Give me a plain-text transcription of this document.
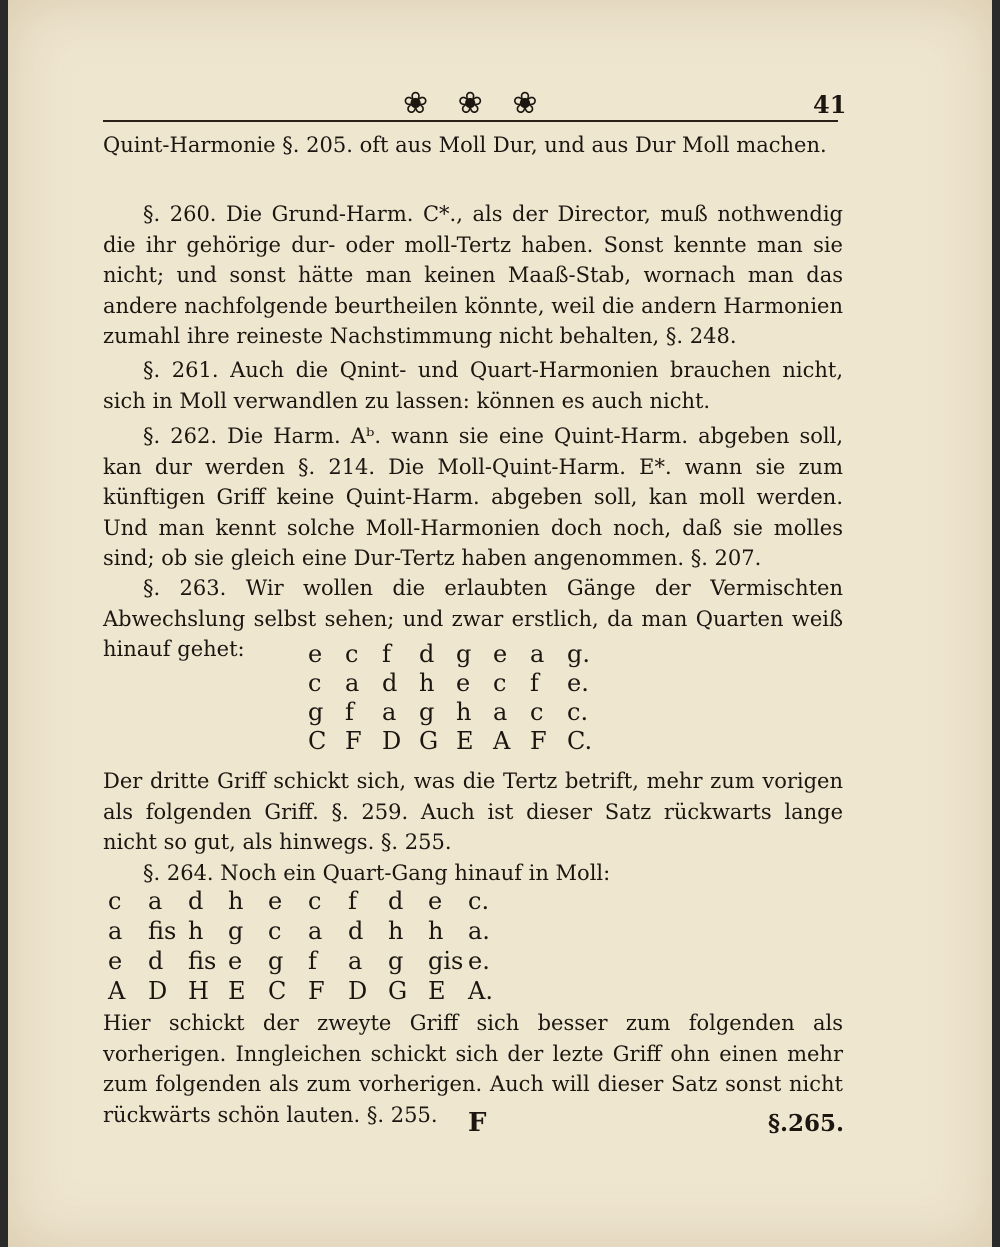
❀ ❀ ❀	41
Quint-Harmonie §. 205. oft aus Moll Dur, und aus Dur Moll machen.
§. 260. Die Grund-Harm. C*., als der Director, muß nothwendig die ihr gehörige dur- oder moll-Tertz haben. Sonst kennte man sie nicht; und sonst hätte man keinen Maaß-Stab, wornach man das andere nachfolgende beurtheilen könnte, weil die andern Harmonien zumahl ihre reineste Nachstimmung nicht behalten, §. 248.
§. 261. Auch die Qnint- und Quart-Harmonien brauchen nicht, sich in Moll verwandlen zu lassen: können es auch nicht.
§. 262. Die Harm. Aᵇ. wann sie eine Quint-Harm. abgeben soll, kan dur werden §. 214. Die Moll-Quint-Harm. E*. wann sie zum künftigen Griff keine Quint-Harm. abgeben soll, kan moll werden. Und man kennt solche Moll-Harmonien doch noch, daß sie molles sind; ob sie gleich eine Dur-Tertz haben angenommen. §. 207.
§. 263. Wir wollen die erlaubten Gänge der Vermischten Abwechslung selbst sehen; und zwar erstlich, da man Quarten weiß hinauf gehet:	e c f d g e a g.
c a d h e c f e.
g f a g h a c c.
C F D G E A F C.
Der dritte Griff schickt sich, was die Tertz betrift, mehr zum vorigen als folgenden Griff. §. 259. Auch ist dieser Satz rückwarts lange nicht so gut, als hinwegs. §. 255.
§. 264. Noch ein Quart-Gang hinauf in Moll:
c a d h e c f d e c.
a fis h g c a d h h a.
e d fis e g f a g gis e.
A D H E C F D G E A.
Hier schickt der zweyte Griff sich besser zum folgenden als vorherigen. Inngleichen schickt sich der lezte Griff ohn einen mehr zum folgenden als zum vorherigen. Auch will dieser Satz sonst nicht rückwärts schön lauten. §. 255.	F	§.265.
